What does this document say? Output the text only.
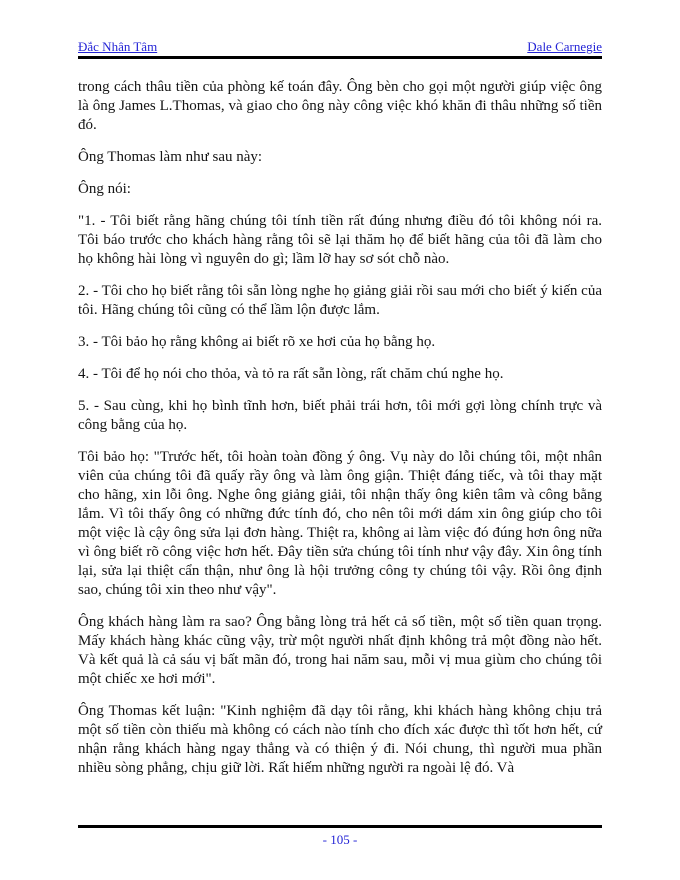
Đắc Nhân Tâm	Dale Carnegie

trong cách thâu tiền của phòng kế toán đây. Ông bèn cho gọi một người giúp việc ông là ông James L.Thomas, và giao cho ông này công việc khó khăn đi thâu những số tiền đó.

Ông Thomas làm như sau này:

Ông nói:

"1. - Tôi biết rằng hãng chúng tôi tính tiền rất đúng nhưng điều đó tôi không nói ra. Tôi báo trước cho khách hàng rằng tôi sẽ lại thăm họ để biết hãng của tôi đã làm cho họ không hài lòng vì nguyên do gì; lầm lỡ hay sơ sót chỗ nào.

2. - Tôi cho họ biết rằng tôi sẵn lòng nghe họ giảng giải rồi sau mới cho biết ý kiến của tôi. Hãng chúng tôi cũng có thể lầm lộn được lắm.

3. - Tôi bảo họ rằng không ai biết rõ xe hơi của họ bằng họ.

4. - Tôi để họ nói cho thỏa, và tỏ ra rất sẵn lòng, rất chăm chú nghe họ.

5. - Sau cùng, khi họ bình tĩnh hơn, biết phải trái hơn, tôi mới gợi lòng chính trực và công bằng của họ.

Tôi bảo họ: "Trước hết, tôi hoàn toàn đồng ý ông. Vụ này do lỗi chúng tôi, một nhân viên của chúng tôi đã quấy rầy ông và làm ông giận. Thiệt đáng tiếc, và tôi thay mặt cho hãng, xin lỗi ông. Nghe ông giảng giải, tôi nhận thấy ông kiên tâm và công bằng lắm. Vì tôi thấy ông có những đức tính đó, cho nên tôi mới dám xin ông giúp cho tôi một việc là cậy ông sửa lại đơn hàng. Thiệt ra, không ai làm việc đó đúng hơn ông nữa vì ông biết rõ công việc hơn hết. Đây tiền sửa chúng tôi tính như vậy đây. Xin ông tính lại, sửa lại thiệt cẩn thận, như ông là hội trưởng công ty chúng tôi vậy. Rồi ông định sao, chúng tôi xin theo như vậy".

Ông khách hàng làm ra sao? Ông bằng lòng trả hết cả số tiền, một số tiền quan trọng. Mấy khách hàng khác cũng vậy, trừ một người nhất định không trả một đồng nào hết. Và kết quả là cả sáu vị bất mãn đó, trong hai năm sau, mỗi vị mua giùm cho chúng tôi một chiếc xe hơi mới".

Ông Thomas kết luận: "Kinh nghiệm đã dạy tôi rằng, khi khách hàng không chịu trả một số tiền còn thiếu mà không có cách nào tính cho đích xác được thì tốt hơn hết, cứ nhận rằng khách hàng ngay thẳng và có thiện ý đi. Nói chung, thì người mua phần nhiều sòng phẳng, chịu giữ lời. Rất hiếm những người ra ngoài lệ đó. Và

- 105 -
